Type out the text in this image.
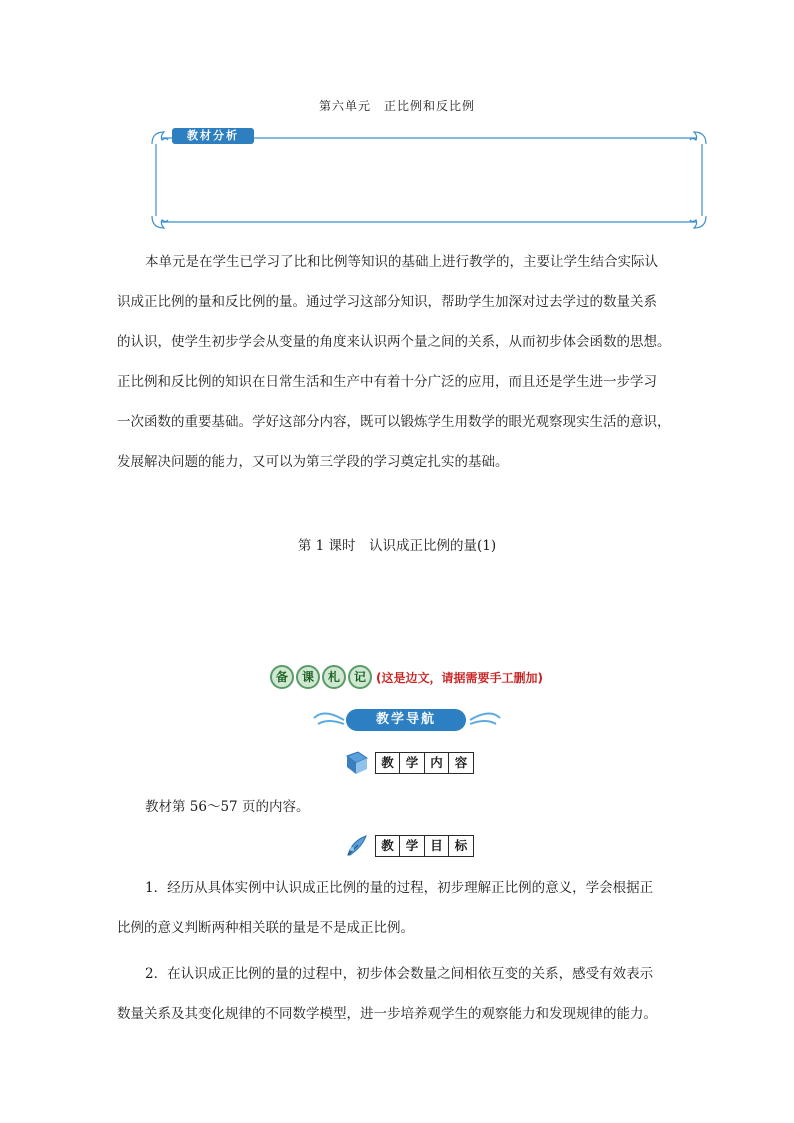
第六单元　正比例和反比例
教材分析

本单元是在学生已学习了比和比例等知识的基础上进行教学的，主要让学生结合实际认

识成正比例的量和反比例的量。通过学习这部分知识，帮助学生加深对过去学过的数量关系

的认识，使学生初步学会从变量的角度来认识两个量之间的关系，从而初步体会函数的思想。

正比例和反比例的知识在日常生活和生产中有着十分广泛的应用，而且还是学生进一步学习

一次函数的重要基础。学好这部分内容，既可以锻炼学生用数学的眼光观察现实生活的意识，

发展解决问题的能力，又可以为第三学段的学习奠定扎实的基础。

第 1 课时　认识成正比例的量(1)
备	课	札	记 (这是边文，请据需要手工删加)
教学导航
教 学 内 容
教材第 56～57 页的内容。
教 学 目 标

1．经历从具体实例中认识成正比例的量的过程，初步理解正比例的意义，学会根据正

比例的意义判断两种相关联的量是不是成正比例。

2．在认识成正比例的量的过程中，初步体会数量之间相依互变的关系，感受有效表示

数量关系及其变化规律的不同数学模型，进一步培养观学生的观察能力和发现规律的能力。
